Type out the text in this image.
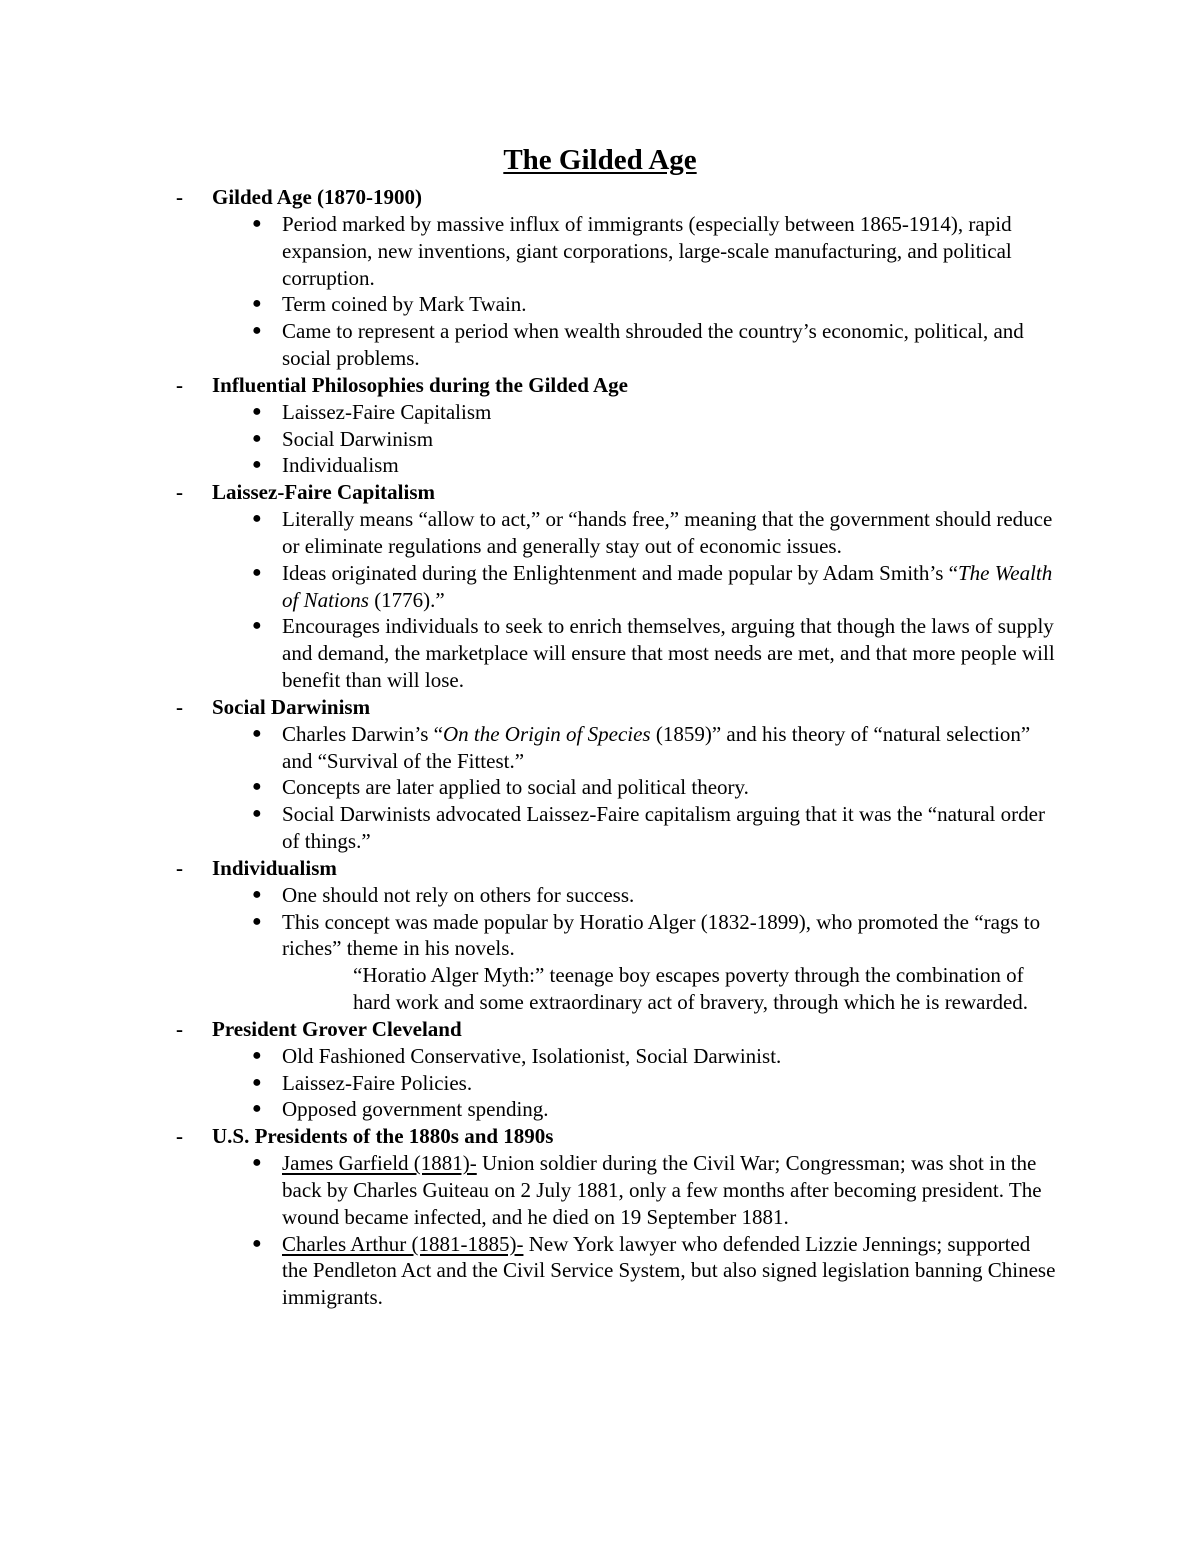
The Gilded Age
- Gilded Age (1870-1900)
● Period marked by massive influx of immigrants (especially between 1865-1914), rapid expansion, new inventions, giant corporations, large-scale manufacturing, and political corruption.
● Term coined by Mark Twain.
● Came to represent a period when wealth shrouded the country’s economic, political, and social problems.
- Influential Philosophies during the Gilded Age
● Laissez-Faire Capitalism
● Social Darwinism
● Individualism
- Laissez-Faire Capitalism
● Literally means “allow to act,” or “hands free,” meaning that the government should reduce or eliminate regulations and generally stay out of economic issues.
● Ideas originated during the Enlightenment and made popular by Adam Smith’s “The Wealth of Nations (1776).”
● Encourages individuals to seek to enrich themselves, arguing that though the laws of supply and demand, the marketplace will ensure that most needs are met, and that more people will benefit than will lose.
- Social Darwinism
● Charles Darwin’s “On the Origin of Species (1859)” and his theory of “natural selection” and “Survival of the Fittest.”
● Concepts are later applied to social and political theory.
● Social Darwinists advocated Laissez-Faire capitalism arguing that it was the “natural order of things.”
- Individualism
● One should not rely on others for success.
● This concept was made popular by Horatio Alger (1832-1899), who promoted the “rags to riches” theme in his novels.
“Horatio Alger Myth:” teenage boy escapes poverty through the combination of hard work and some extraordinary act of bravery, through which he is rewarded.
- President Grover Cleveland
● Old Fashioned Conservative, Isolationist, Social Darwinist.
● Laissez-Faire Policies.
● Opposed government spending.
- U.S. Presidents of the 1880s and 1890s
● James Garfield (1881)- Union soldier during the Civil War; Congressman; was shot in the back by Charles Guiteau on 2 July 1881, only a few months after becoming president. The wound became infected, and he died on 19 September 1881.
● Charles Arthur (1881-1885)- New York lawyer who defended Lizzie Jennings; supported the Pendleton Act and the Civil Service System, but also signed legislation banning Chinese immigrants.
